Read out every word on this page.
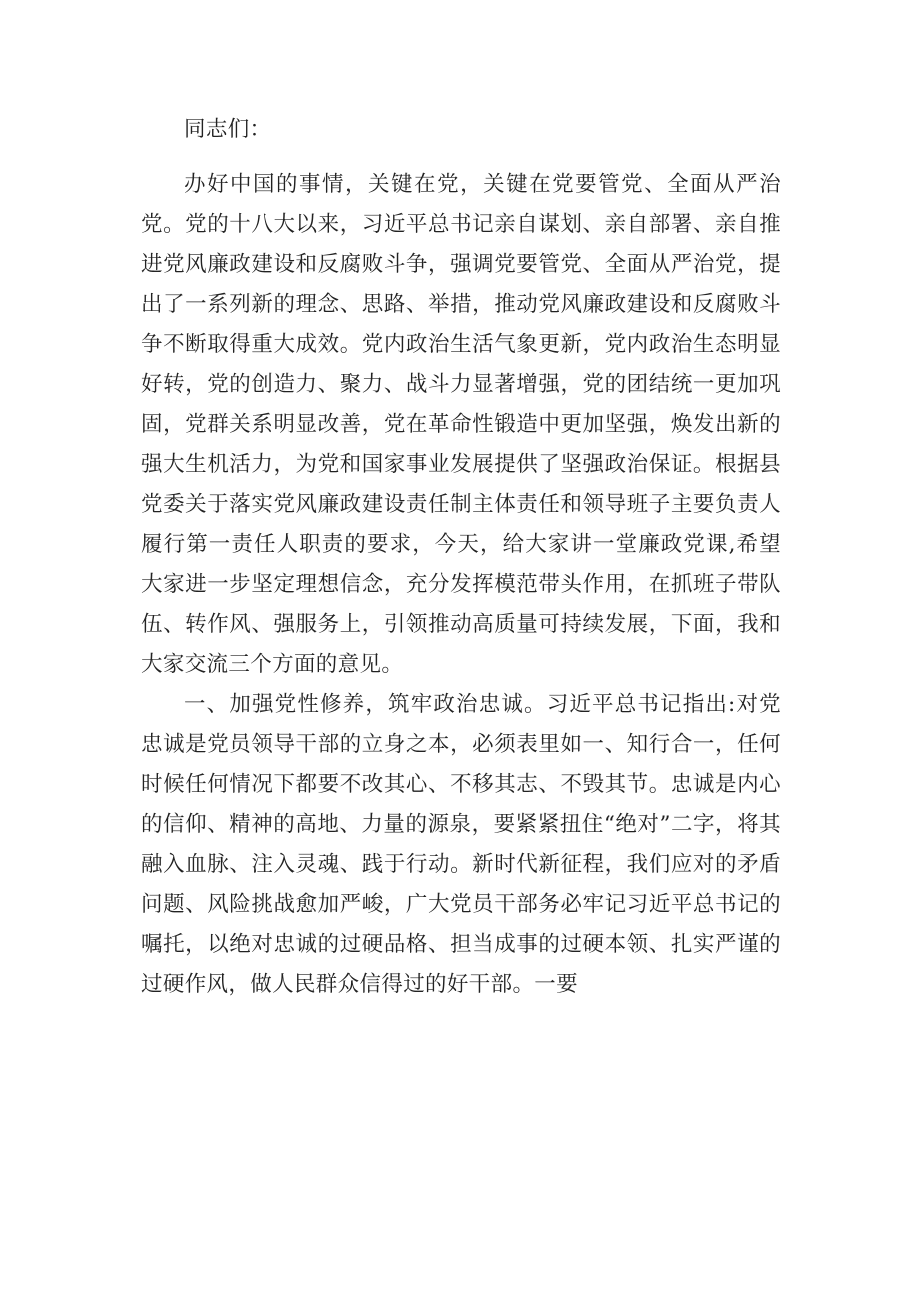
同志们：

办好中国的事情，关键在党，关键在党要管党、全面从严治党。党的十八大以来，习近平总书记亲自谋划、亲自部署、亲自推进党风廉政建设和反腐败斗争，强调党要管党、全面从严治党，提出了一系列新的理念、思路、举措，推动党风廉政建设和反腐败斗争不断取得重大成效。党内政治生活气象更新，党内政治生态明显好转，党的创造力、聚力、战斗力显著增强，党的团结统一更加巩固，党群关系明显改善，党在革命性锻造中更加坚强，焕发出新的强大生机活力，为党和国家事业发展提供了坚强政治保证。根据县党委关于落实党风廉政建设责任制主体责任和领导班子主要负责人履行第一责任人职责的要求，今天，给大家讲一堂廉政党课,希望大家进一步坚定理想信念，充分发挥模范带头作用，在抓班子带队伍、转作风、强服务上，引领推动高质量可持续发展，下面，我和大家交流三个方面的意见。

一、加强党性修养，筑牢政治忠诚。习近平总书记指出:对党忠诚是党员领导干部的立身之本，必须表里如一、知行合一，任何时候任何情况下都要不改其心、不移其志、不毁其节。忠诚是内心的信仰、精神的高地、力量的源泉，要紧紧扭住“绝对”二字，将其融入血脉、注入灵魂、践于行动。新时代新征程，我们应对的矛盾问题、风险挑战愈加严峻，广大党员干部务必牢记习近平总书记的嘱托，以绝对忠诚的过硬品格、担当成事的过硬本领、扎实严谨的过硬作风，做人民群众信得过的好干部。一要
